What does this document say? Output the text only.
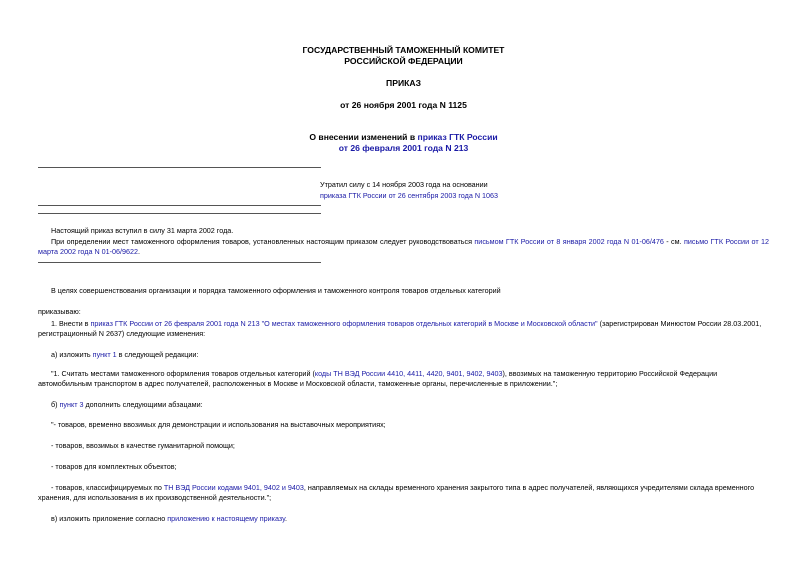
ГОСУДАРСТВЕННЫЙ ТАМОЖЕННЫЙ КОМИТЕТ
РОССИЙСКОЙ ФЕДЕРАЦИИ
ПРИКАЗ
от 26 ноября 2001 года N 1125
О внесении изменений в приказ ГТК России
от 26 февраля 2001 года N 213
Утратил силу с 14 ноября 2003 года на основании
приказа ГТК России от 26 сентября 2003 года N 1063
Настоящий приказ вступил в силу 31 марта 2002 года.
При определении мест таможенного оформления товаров, установленных настоящим приказом следует руководствоваться письмом ГТК России от 8 января 2002 года N 01-06/476 - см. письмо ГТК России от 12 марта 2002 года N 01-06/9622.
В целях совершенствования организации и порядка таможенного оформления и таможенного контроля товаров отдельных категорий
приказываю:
1. Внести в приказ ГТК России от 26 февраля 2001 года N 213 "О местах таможенного оформления товаров отдельных категорий в Москве и Московской области" (зарегистрирован Минюстом России 28.03.2001,
регистрационный N 2637) следующие изменения:
а) изложить пункт 1 в следующей редакции:
"1. Считать местами таможенного оформления товаров отдельных категорий (коды ТН ВЭД России 4410, 4411, 4420, 9401, 9402, 9403), ввозимых на таможенную территорию Российской Федерации
автомобильным транспортом в адрес получателей, расположенных в Москве и Московской области, таможенные органы, перечисленные в приложении.";
б) пункт 3 дополнить следующими абзацами:
"- товаров, временно ввозимых для демонстрации и использования на выставочных мероприятиях;
- товаров, ввозимых в качестве гуманитарной помощи;
- товаров для комплектных объектов;
- товаров, классифицируемых по ТН ВЭД России кодами 9401, 9402 и 9403, направляемых на склады временного хранения закрытого типа в адрес получателей, являющихся учредителями склада временного
хранения, для использования в их производственной деятельности.";
в) изложить приложение согласно приложению к настоящему приказу.
